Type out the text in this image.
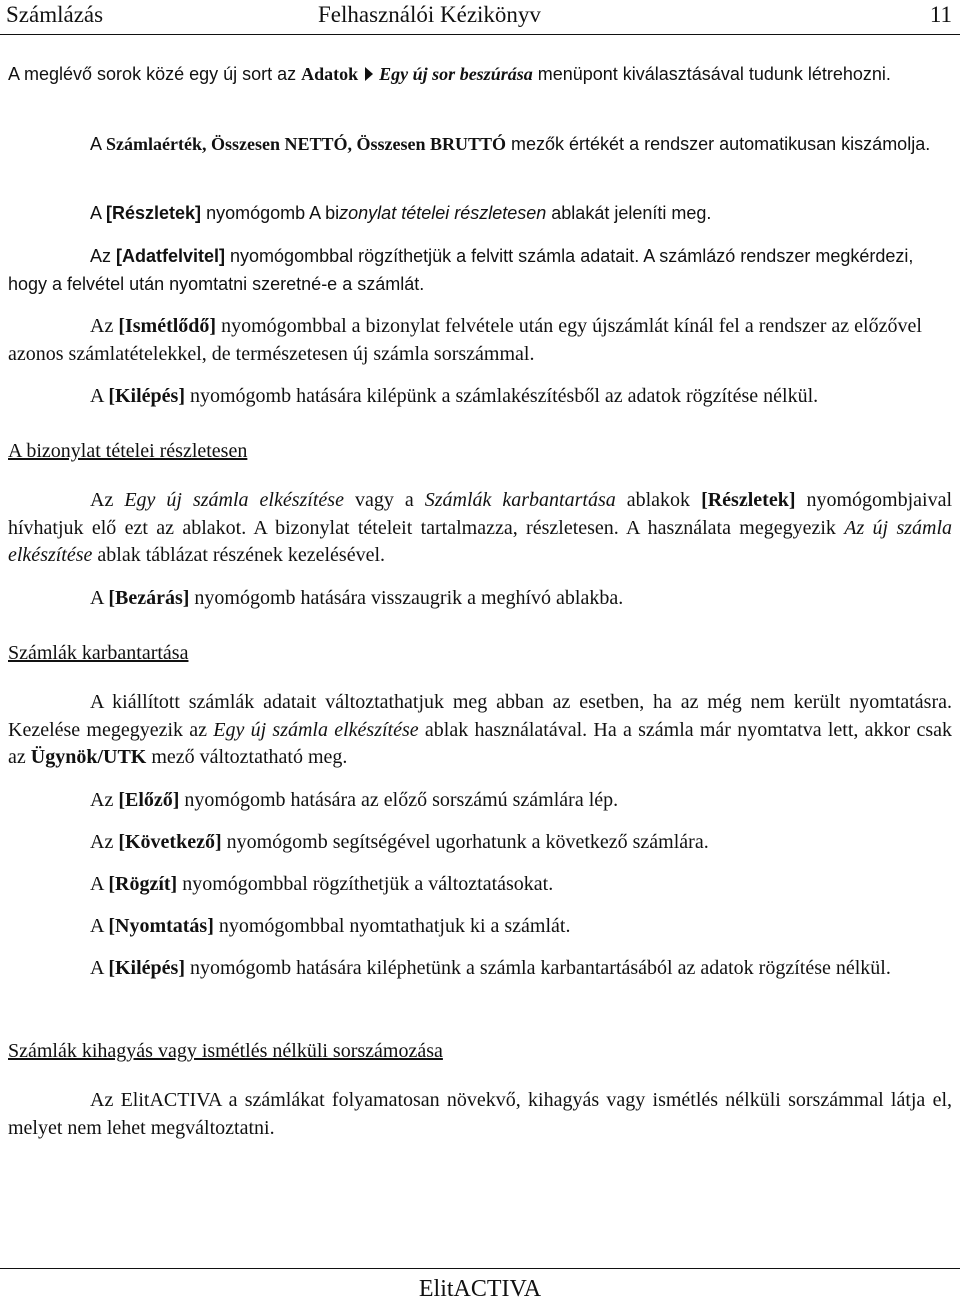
Számlázás	Felhasználói Kézikönyv	11

A meglévő sorok közé egy új sort az Adatok Egy új sor beszúrása menüpont kiválasztásával tudunk létrehozni.

A Számlaérték, Összesen NETTÓ, Összesen BRUTTÓ mezők értékét a rendszer automatikusan kiszámolja.

A [Részletek] nyomógomb A bizonylat tételei részletesen ablakát jeleníti meg.

Az [Adatfelvitel] nyomógombbal rögzíthetjük a felvitt számla adatait. A számlázó rendszer megkérdezi, hogy a felvétel után nyomtatni szeretné-e a számlát.

Az [Ismétlődő] nyomógombbal a bizonylat felvétele után egy újszámlát kínál fel a rendszer az előzővel azonos számlatételekkel, de természetesen új számla sorszámmal.

A [Kilépés] nyomógomb hatására kilépünk a számlakészítésből az adatok rögzítése nélkül.

A bizonylat tételei részletesen

Az Egy új számla elkészítése vagy a Számlák karbantartása ablakok [Részletek] nyomógombjaival hívhatjuk elő ezt az ablakot. A bizonylat tételeit tartalmazza, részletesen. A használata megegyezik Az új számla elkészítése ablak táblázat részének kezelésével.

A [Bezárás] nyomógomb hatására visszaugrik a meghívó ablakba.

Számlák karbantartása

A kiállított számlák adatait változtathatjuk meg abban az esetben, ha az még nem került nyomtatásra. Kezelése megegyezik az Egy új számla elkészítése ablak használatával. Ha a számla már nyomtatva lett, akkor csak az Ügynök/UTK mező változtatható meg.

Az [Előző] nyomógomb hatására az előző sorszámú számlára lép.

Az [Következő] nyomógomb segítségével ugorhatunk a következő számlára.

A [Rögzít] nyomógombbal rögzíthetjük a változtatásokat.

A [Nyomtatás] nyomógombbal nyomtathatjuk ki a számlát.

A [Kilépés] nyomógomb hatására kiléphetünk a számla karbantartásából az adatok rögzítése nélkül.

Számlák kihagyás vagy ismétlés nélküli sorszámozása

Az ElitACTIVA a számlákat folyamatosan növekvő, kihagyás vagy ismétlés nélküli sorszámmal látja el, melyet nem lehet megváltoztatni.

ElitACTIVA
